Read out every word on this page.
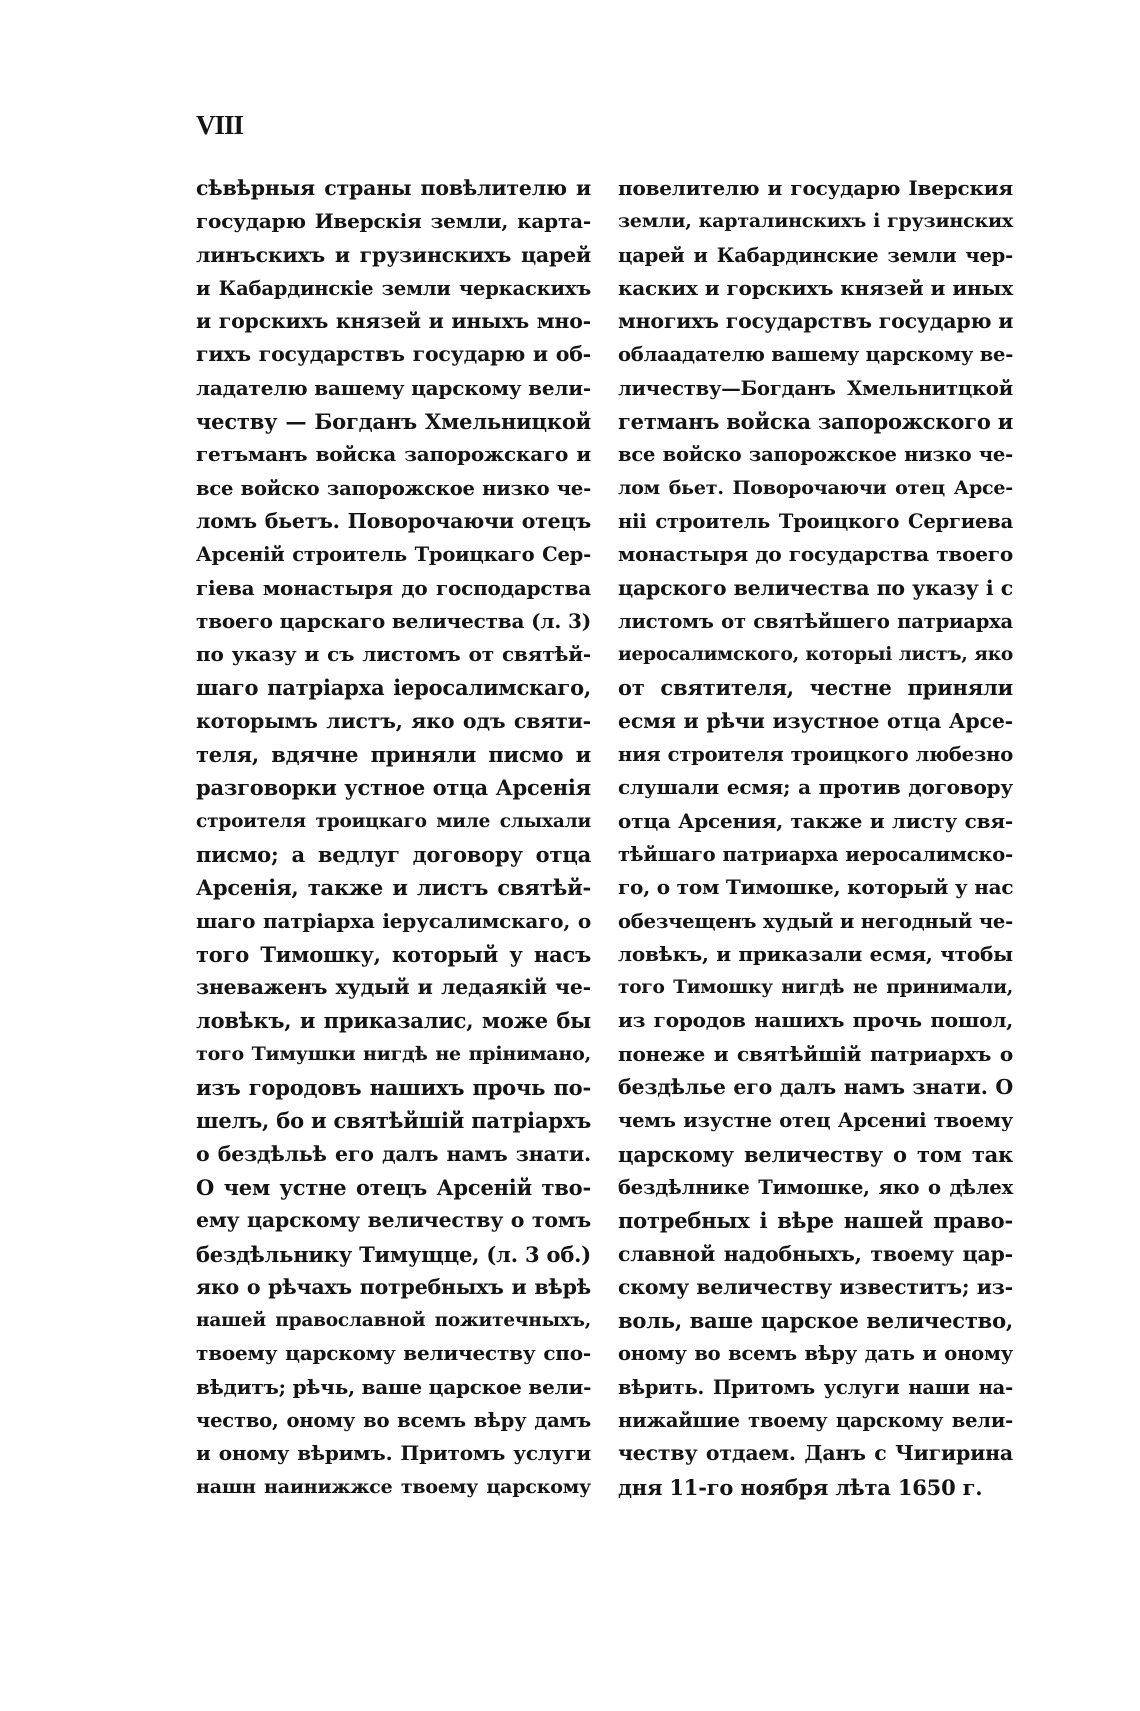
VIII
сѣвѣрныя страны повѣлителю и
государю Иверскія земли, карта-
линъскихъ и грузинскихъ царей
и Кабардинскіе земли черкаскихъ
и горскихъ князей и иныхъ мно-
гихъ государствъ государю и об-
ладателю вашему царскому вели-
честву — Богданъ Хмельницкой
гетъманъ войска запорожскаго и
все войско запорожское низко че-
ломъ бьетъ. Поворочаючи отецъ
Арсеній строитель Троицкаго Сер-
гіева монастыря до господарства
твоего царскаго величества (л. 3)
по указу и съ листомъ от святѣй-
шаго патріарха іеросалимскаго,
которымъ листъ, яко одъ святи-
теля, вдячне приняли писмо и
разговорки устное отца Арсенія
строителя троицкаго миле слыхали
писмо; а ведлуг договору отца
Арсенія, также и листъ святѣй-
шаго патріарха іерусалимскаго, о
того Тимошку, который у насъ
зневаженъ худый и ледаякій че-
ловѣкъ, и приказалис, може бы
того Тимушки нигдѣ не прінимано,
изъ городовъ нашихъ прочь по-
шелъ, бо и святѣйшій патріархъ
о бездѣльѣ его далъ намъ знати.
О чем устне отецъ Арсеній тво-
ему царскому величеству о томъ
бездѣльнику Тимущце, (л. 3 об.)
яко о рѣчахъ потребныхъ и вѣрѣ
нашей православной пожитечныхъ,
твоему царскому величеству спо-
вѣдитъ; рѣчь, ваше царское вели-
чество, оному во всемъ вѣру дамъ
и оному вѣримъ. Притомъ услуги
нашн наинижжсе твоему царскому
повелителю и государю Іверския
земли, карталинскихъ і грузинских
царей и Кабардинские земли чер-
каских и горскихъ князей и иных
многихъ государствъ государю и
облаадателю вашему царскому ве-
личеству—Богданъ Хмельнитцкой
гетманъ войска запорожского и
все войско запорожское низко че-
лом бьет. Поворочаючи отец Арсе-
ніі строитель Троицкого Сергиева
монастыря до государства твоего
царского величества по указу і с
листомъ от святѣйшего патриарха
иеросалимского, которыі листъ, яко
от святителя, честне приняли
есмя и рѣчи изустное отца Арсе-
ния строителя троицкого любезно
слушали есмя; а против договору
отца Арсения, также и листу свя-
тѣйшаго патриарха иеросалимско-
го, о том Тимошке, который у нас
обезчещенъ худый и негодный че-
ловѣкъ, и приказали есмя, чтобы
того Тимошку нигдѣ не принимали,
из городов нашихъ прочь пошол,
понеже и святѣйшій патриархъ о
бездѣлье его далъ намъ знати. О
чемъ изустне отец Арсениі твоему
царскому величеству о том так
бездѣлнике Тимошке, яко о дѣлех
потребных і вѣре нашей право-
славной надобныхъ, твоему цар-
скому величеству известитъ; из-
воль, ваше царское величество,
оному во всемъ вѣру дать и оному
вѣрить. Притомъ услуги наши на-
нижайшие твоему царскому вели-
честву отдаем. Данъ с Чигирина
дня 11-го ноября лѣта 1650 г.
